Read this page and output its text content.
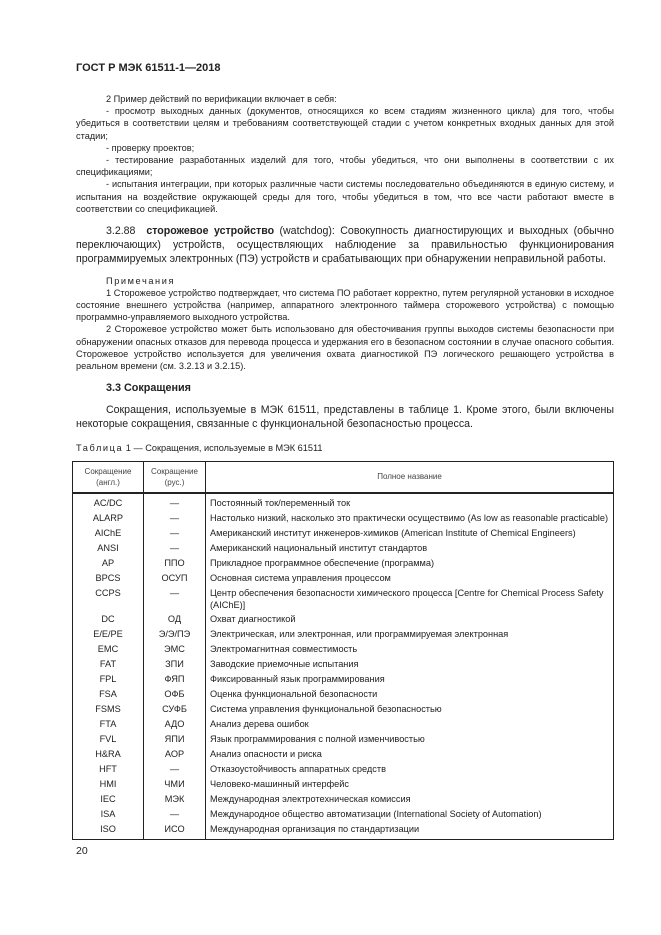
ГОСТ Р МЭК 61511-1—2018

2 Пример действий по верификации включает в себя:

- просмотр выходных данных (документов, относящихся ко всем стадиям жизненного цикла) для того, чтобы убедиться в соответствии целям и требованиям соответствующей стадии с учетом конкретных входных данных для этой стадии;

- проверку проектов;

- тестирование разработанных изделий для того, чтобы убедиться, что они выполнены в соответствии с их спецификациями;

- испытания интеграции, при которых различные части системы последовательно объединяются в единую систему, и испытания на воздействие окружающей среды для того, чтобы убедиться в том, что все части работают вместе в соответствии со спецификацией.

3.2.88 сторожевое устройство (watchdog): Совокупность диагностирующих и выходных (обычно переключающих) устройств, осуществляющих наблюдение за правильностью функционирования программируемых электронных (ПЭ) устройств и срабатывающих при обнаружении неправильной работы.

Примечания

1 Сторожевое устройство подтверждает, что система ПО работает корректно, путем регулярной установки в исходное состояние внешнего устройства (например, аппаратного электронного таймера сторожевого устройства) с помощью программно-управляемого выходного устройства.

2 Сторожевое устройство может быть использовано для обесточивания группы выходов системы безопасности при обнаружении опасных отказов для перевода процесса и удержания его в безопасном состоянии в случае опасного события. Сторожевое устройство используется для увеличения охвата диагностикой ПЭ логического решающего устройства в реальном времени (см. 3.2.13 и 3.2.15).

3.3 Сокращения

Сокращения, используемые в МЭК 61511, представлены в таблице 1. Кроме этого, были включены некоторые сокращения, связанные с функциональной безопасностью процесса.

Таблица 1 — Сокращения, используемые в МЭК 61511
Сокращение (англ.)	Сокращение (рус.)	Полное название
AC/DC	—	Постоянный ток/переменный ток
ALARP	—	Настолько низкий, насколько это практически осуществимо (As low as reasonable practicable)
AIChE	—	Американский институт инженеров-химиков (American Institute of Chemical Engineers)
ANSI	—	Американский национальный институт стандартов
AP	ППО	Прикладное программное обеспечение (программа)
BPCS	ОСУП	Основная система управления процессом
CCPS	—	Центр обеспечения безопасности химического процесса [Centre for Chemical Process Safety (AIChE)]
DC	ОД	Охват диагностикой
E/E/PE	Э/Э/ПЭ	Электрическая, или электронная, или программируемая электронная
EMC	ЭМС	Электромагнитная совместимость
FAT	ЗПИ	Заводские приемочные испытания
FPL	ФЯП	Фиксированный язык программирования
FSA	ОФБ	Оценка функциональной безопасности
FSMS	СУФБ	Система управления функциональной безопасностью
FTA	АДО	Анализ дерева ошибок
FVL	ЯПИ	Язык программирования с полной изменчивостью
H&RA	АОР	Анализ опасности и риска
HFT	—	Отказоустойчивость аппаратных средств
HMI	ЧМИ	Человеко-машинный интерфейс
IEC	МЭК	Международная электротехническая комиссия
ISA	—	Международное общество автоматизации (International Society of Automation)
ISO	ИСО	Международная организация по стандартизации
20
